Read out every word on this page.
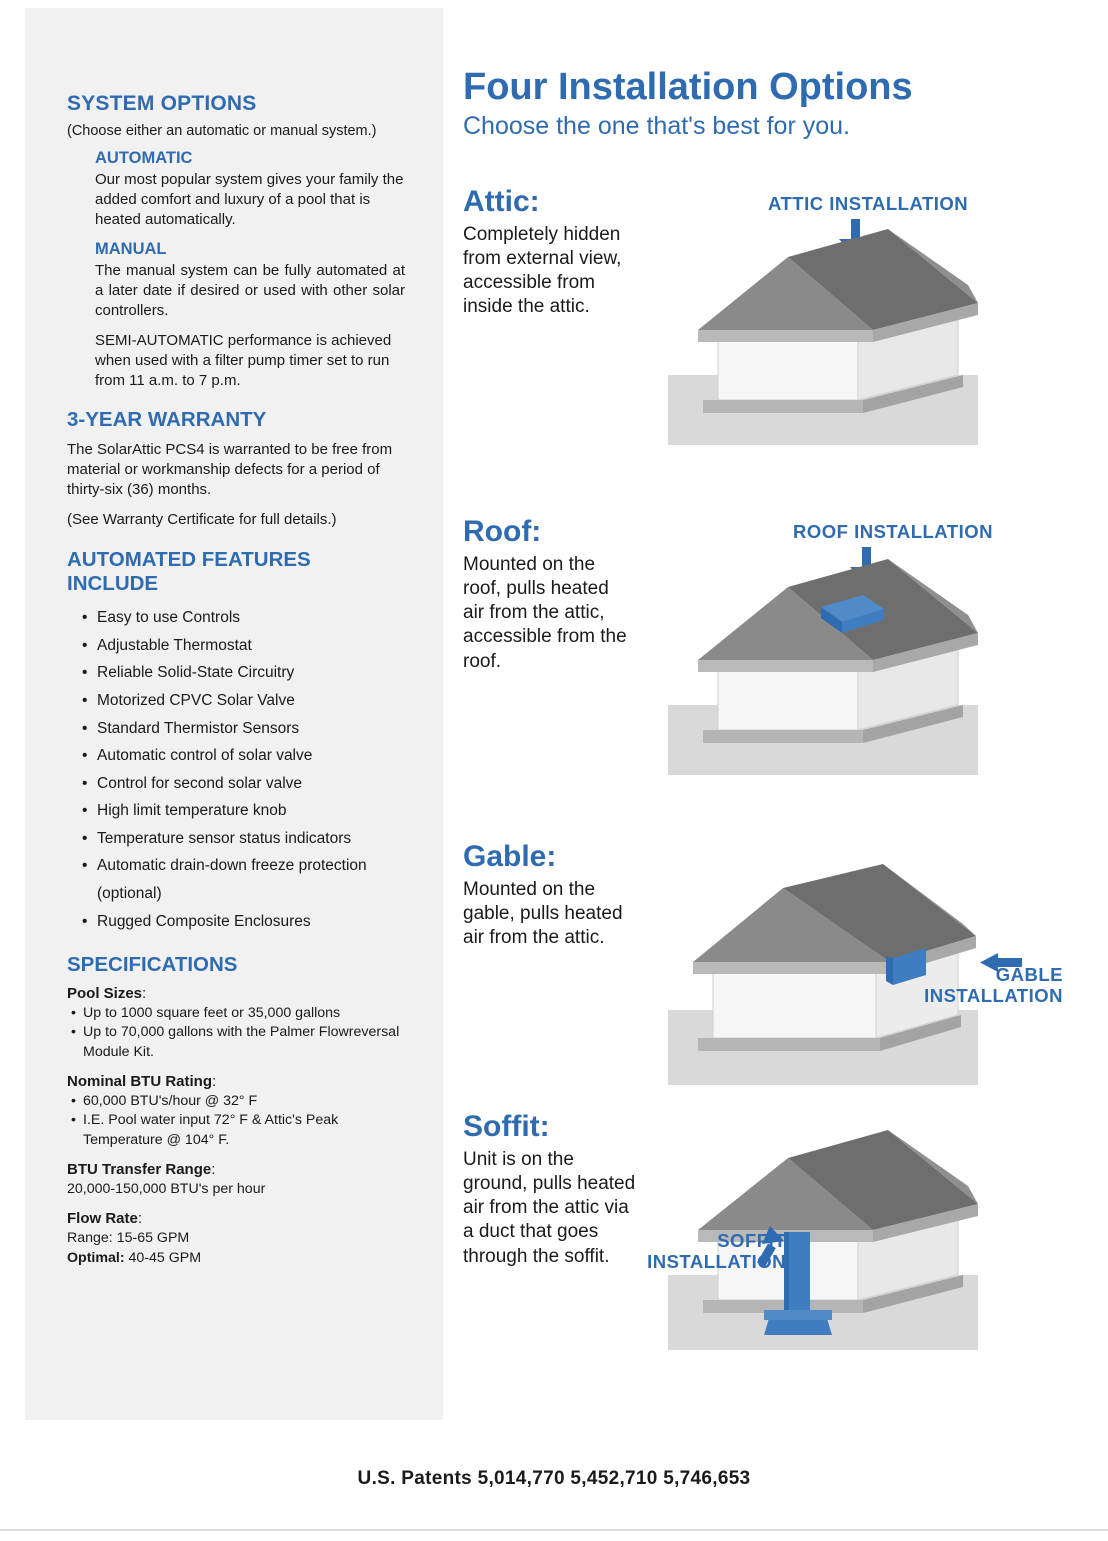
SYSTEM OPTIONS

(Choose either an automatic or manual system.)

AUTOMATIC

Our most popular system gives your family the added comfort and luxury of a pool that is heated automatically.

MANUAL

The manual system can be fully automated at a later date if desired or used with other solar controllers.

SEMI-AUTOMATIC performance is achieved when used with a filter pump timer set to run from 11 a.m. to 7 p.m.

3-YEAR WARRANTY

The SolarAttic PCS4 is warranted to be free from material or workmanship defects for a period of thirty-six (36) months.

(See Warranty Certificate for full details.)

AUTOMATED FEATURES INCLUDE
• Easy to use Controls
• Adjustable Thermostat
• Reliable Solid-State Circuitry
• Motorized CPVC Solar Valve
• Standard Thermistor Sensors
• Automatic control of solar valve
• Control for second solar valve
• High limit temperature knob
• Temperature sensor status indicators
• Automatic drain-down freeze protection (optional)
• Rugged Composite Enclosures
SPECIFICATIONS
Pool Sizes:
• Up to 1000 square feet or 35,000 gallons
• Up to 70,000 gallons with the Palmer Flowreversal Module Kit.
Nominal BTU Rating:
• 60,000 BTU's/hour @ 32° F
• I.E. Pool water input 72° F & Attic's Peak Temperature @ 104° F.
BTU Transfer Range:
20,000-150,000 BTU's per hour
Flow Rate:
Range: 15-65 GPM
Optimal: 40-45 GPM
Four Installation Options
Choose the one that's best for you.
Attic:

Completely hidden from external view, accessible from inside the attic.

ATTIC INSTALLATION
Roof:

Mounted on the roof, pulls heated air from the attic, accessible from the roof.

ROOF INSTALLATION
Gable:

Mounted on the gable, pulls heated air from the attic.

GABLE
INSTALLATION
Soffit:

Unit is on the ground, pulls heated air from the attic via a duct that goes through the soffit.

SOFFIT
INSTALLATION
U.S. Patents 5,014,770 5,452,710 5,746,653
